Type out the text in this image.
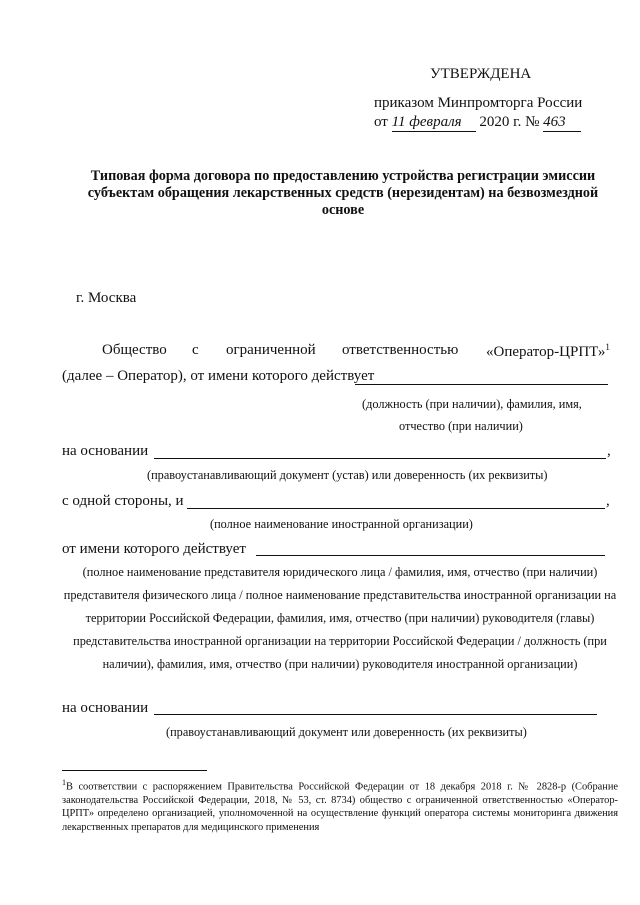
УТВЕРЖДЕНА
приказом Минпромторга России
от 11 февраля 2020 г. № 463
Типовая форма договора по предоставлению устройства регистрации эмиссии субъектам обращения лекарственных средств (нерезидентам) на безвозмездной основе
г. Москва
Общество с ограниченной ответственностью «Оператор-ЦРПТ»$^1$
(далее – Оператор), от имени которого действует
(должность (при наличии), фамилия, имя,
отчество (при наличии)
на основании	,
(правоустанавливающий документ (устав) или доверенность (их реквизиты)
с одной стороны, и	,
(полное наименование иностранной организации)
от имени которого действует
(полное наименование представителя юридического лица / фамилия, имя, отчество (при наличии) представителя физического лица / полное наименование представительства иностранной организации на территории Российской Федерации, фамилия, имя, отчество (при наличии) руководителя (главы) представительства иностранной организации на территории Российской Федерации / должность (при наличии), фамилия, имя, отчество (при наличии) руководителя иностранной организации)
на основании
(правоустанавливающий документ или доверенность (их реквизиты)
$^1$В соответствии с распоряжением Правительства Российской Федерации от 18 декабря 2018 г. № 2828-р (Собрание законодательства Российской Федерации, 2018, № 53, ст. 8734) общество с ограниченной ответственностью «Оператор-ЦРПТ» определено организацией, уполномоченной на осуществление функций оператора системы мониторинга движения лекарственных препаратов для медицинского применения
